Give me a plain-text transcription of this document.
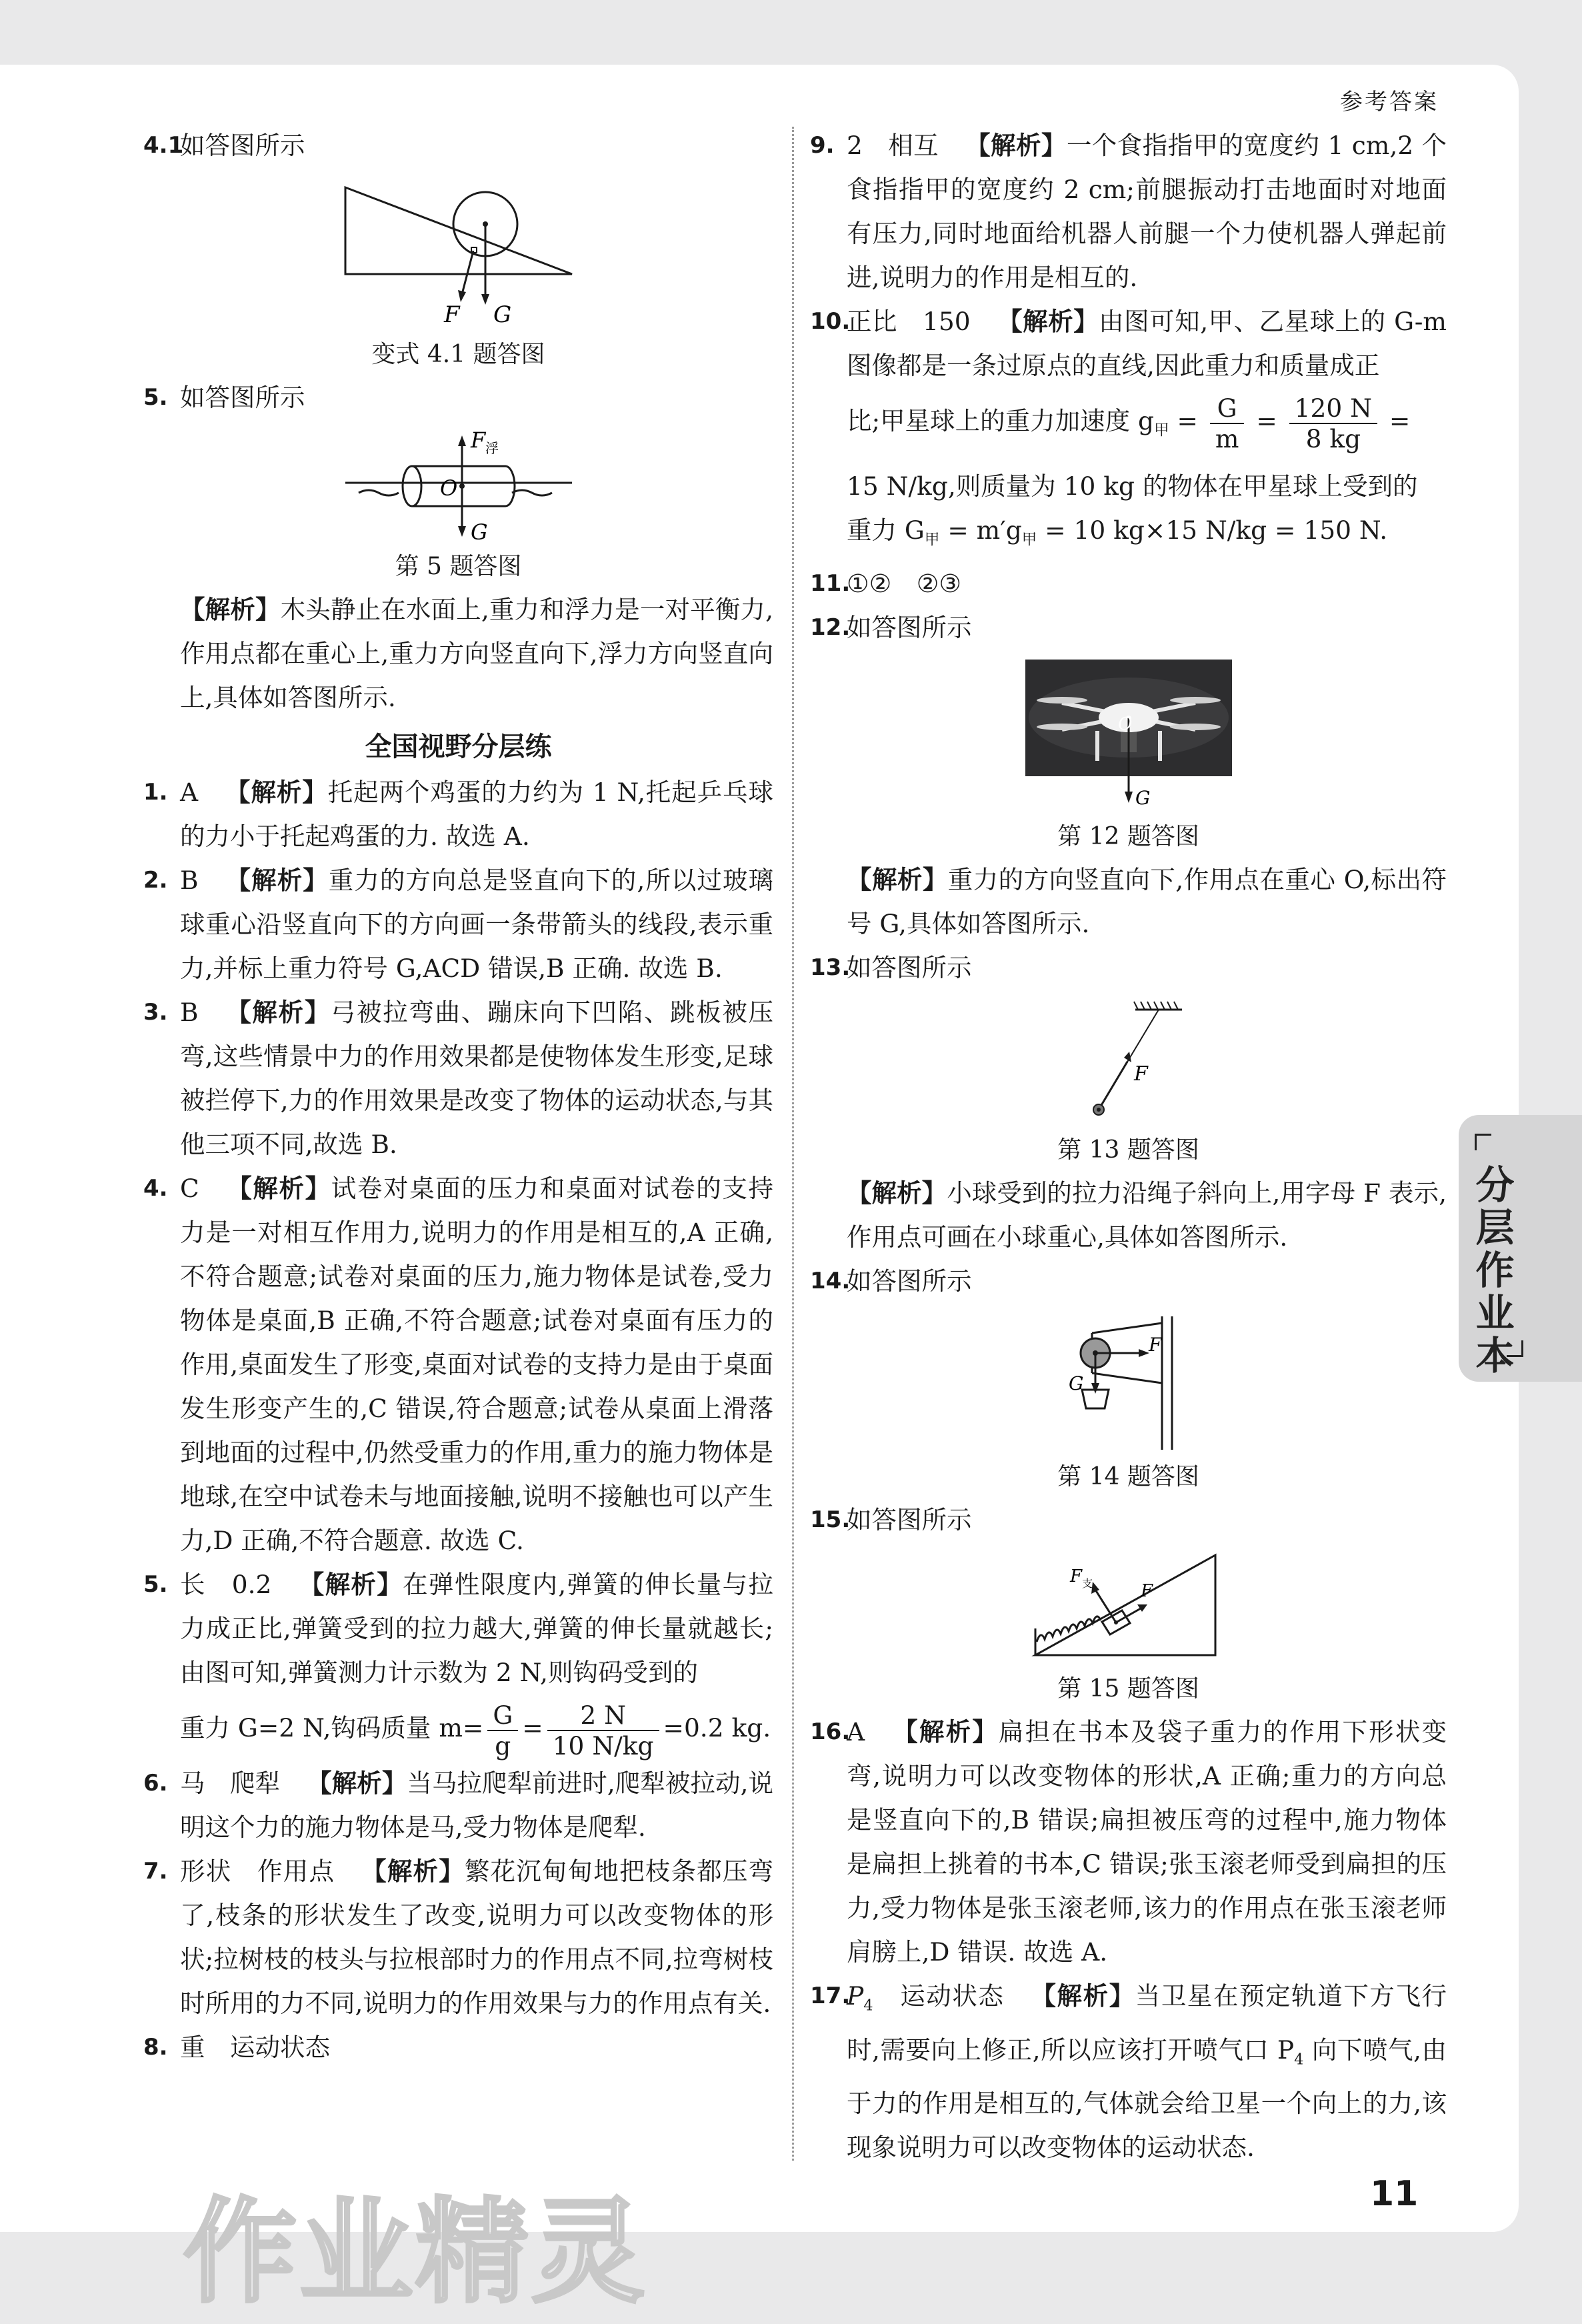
参考答案
4.1
如答图所示
F G
变式 4.1 题答图
5. 如答图所示
F 浮
O
G
第 5 题答图
【解析】木头静止在水面上,重力和浮力是一对平衡力,作用点都在重心上,重力方向竖直向下,浮力方向竖直向上,具体如答图所示.
全国视野分层练
1. A 【解析】托起两个鸡蛋的力约为 1 N,托起乒乓球的力小于托起鸡蛋的力. 故选 A.
2. B 【解析】重力的方向总是竖直向下的,所以过玻璃球重心沿竖直向下的方向画一条带箭头的线段,表示重力,并标上重力符号 G,ACD 错误,B 正确. 故选 B.
3. B 【解析】弓被拉弯曲、蹦床向下凹陷、跳板被压弯,这些情景中力的作用效果都是使物体发生形变,足球被拦停下,力的作用效果是改变了物体的运动状态,与其他三项不同,故选 B.
4. C 【解析】试卷对桌面的压力和桌面对试卷的支持力是一对相互作用力,说明力的作用是相互的,A 正确,不符合题意;试卷对桌面的压力,施力物体是试卷,受力物体是桌面,B 正确,不符合题意;试卷对桌面有压力的作用,桌面发生了形变,桌面对试卷的支持力是由于桌面发生形变产生的,C 错误,符合题意;试卷从桌面上滑落到地面的过程中,仍然受重力的作用,重力的施力物体是地球,在空中试卷未与地面接触,说明不接触也可以产生力,D 正确,不符合题意. 故选 C.
5. 长　0.2 【解析】在弹性限度内,弹簧的伸长量与拉力成正比,弹簧受到的拉力越大,弹簧的伸长量就越长;由图可知,弹簧测力计示数为 2 N,则钩码受到的
重力 G=2 N,钩码质量 $m= \frac{G}{g} = \frac{2 N}{10 N/kg} =0.2$ kg.
6. 马　爬犁 【解析】当马拉爬犁前进时,爬犁被拉动,说明这个力的施力物体是马,受力物体是爬犁.
7. 形状　作用点 【解析】繁花沉甸甸地把枝条都压弯了,枝条的形状发生了改变,说明力可以改变物体的形状;拉树枝的枝头与拉根部时力的作用点不同,拉弯树枝时所用的力不同,说明力的作用效果与力的作用点有关.
8. 重　运动状态
9. 2　相互 【解析】一个食指指甲的宽度约 1 cm,2 个食指指甲的宽度约 2 cm;前腿振动打击地面时对地面有压力,同时地面给机器人前腿一个力使机器人弹起前进,说明力的作用是相互的.
10.
正比　150 【解析】由图可知,甲、乙星球上的 G-m 图像都是一条过原点的直线,因此重力和质量成正
比;甲星球上的重力加速度 $g_甲 = \frac{G}{m} = \frac{120 N}{8 kg}$ =
15 N/kg,则质量为 10 kg 的物体在甲星球上受到的
重力 $G_甲 = m'g_甲 = 10$ kg×15 N/kg = 150 N.
11.
①②　②③
12.
如答图所示
O
G
第 12 题答图
【解析】重力的方向竖直向下,作用点在重心 O,标出符号 G,具体如答图所示.
13.
如答图所示
F
第 13 题答图
【解析】小球受到的拉力沿绳子斜向上,用字母 F 表示,作用点可画在小球重心,具体如答图所示.
14.
如答图所示
F
G
第 14 题答图
15.
如答图所示
F 支	F
第 15 题答图
16.
A 【解析】扁担在书本及袋子重力的作用下形状变弯,说明力可以改变物体的形状,A 正确;重力的方向总是竖直向下的,B 错误;扁担被压弯的过程中,施力物体是扁担上挑着的书本,C 错误;张玉滚老师受到扁担的压力,受力物体是张玉滚老师,该力的作用点在张玉滚老师肩膀上,D 错误. 故选 A.
17.
$P_4$　 运动状态 【解析】当卫星在预定轨道下方飞行时,需要向上修正,所以应该打开喷气口 $P_4$ 向下喷气,由于力的作用是相互的,气体就会给卫星一个向上的力,该现象说明力可以改变物体的运动状态.
分层作业本
作业精灵	11
